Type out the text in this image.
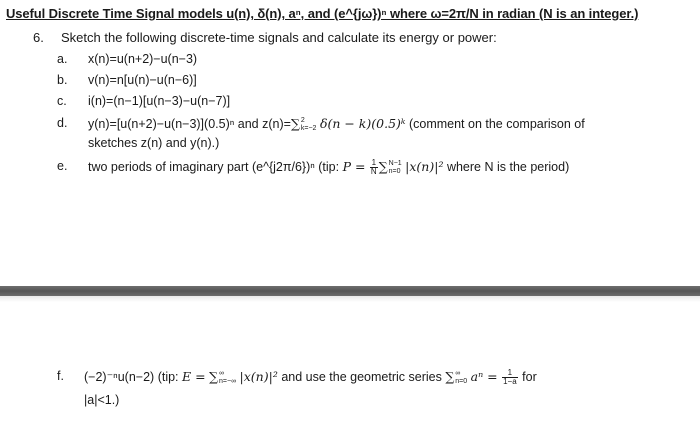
Useful Discrete Time Signal models u(n), δ(n), aⁿ, and (e^{jω})ⁿ where ω=2π/N in radian (N is an integer.)
6. Sketch the following discrete-time signals and calculate its energy or power:
a.	x(n)=u(n+2)−u(n−3)
b.	v(n)=n[u(n)−u(n−6)]
c.	i(n)=(n−1)[u(n−3)−u(n−7)]
d.	y(n)=[u(n+2)−u(n−3)](0.5)ⁿ and z(n)=∑ 2
k=−2 δ(n − k)(0.5)ᵏ (comment on the comparison of
sketches z(n) and y(n).)
e.	two periods of imaginary part (e^{j2π/6})ⁿ (tip: $P = \frac{1}{N}$ ∑ N−1
n=0 |x(n)|² where N is the period)
f.	(−2)⁻ⁿu(n−2) (tip: E = ∑ ∞
n=−∞ |x(n)|² and use the geometric series ∑ ∞
n=0 $a^n = \frac{1}{1-a}$ for
|a|<1.)
